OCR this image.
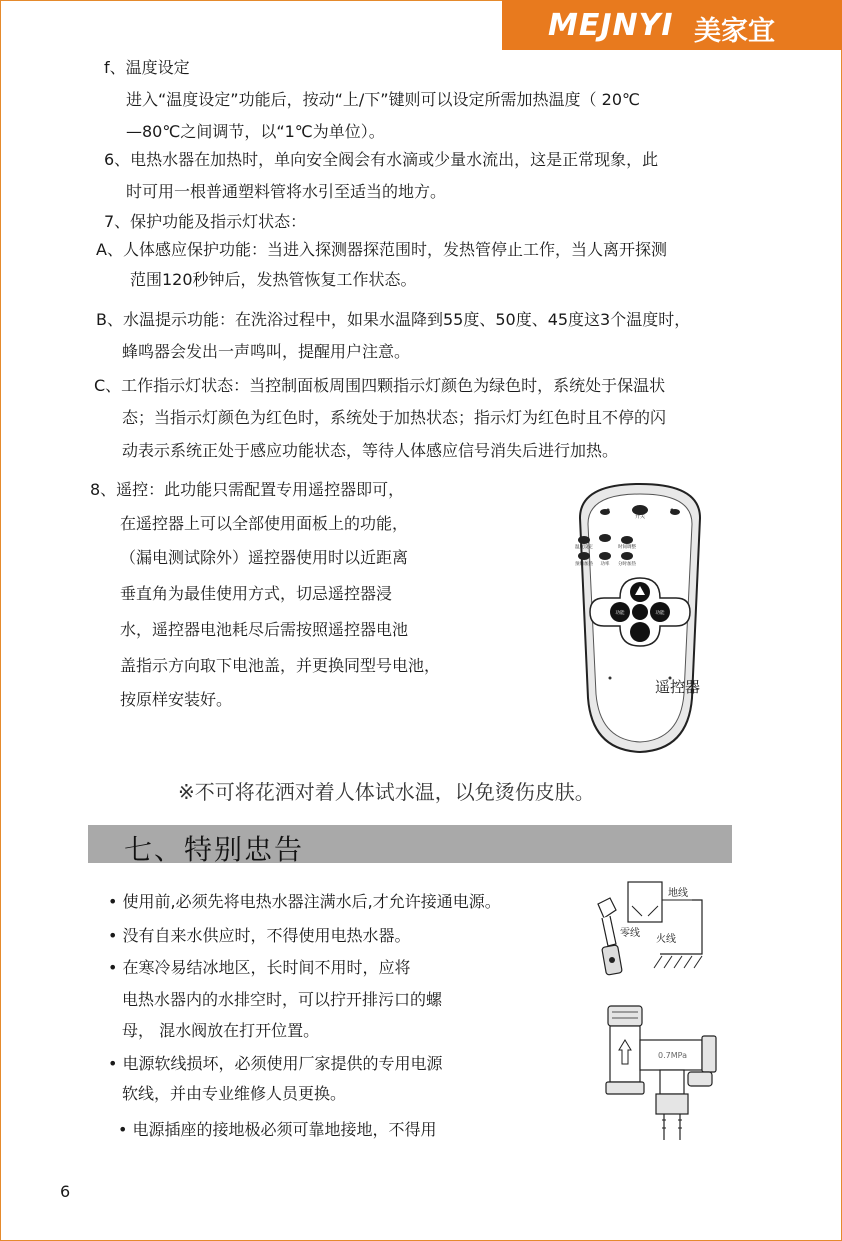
MEJNYI 美家宜
f、温度设定
进入“温度设定”功能后，按动“上/下”键则可以设定所需加热温度（ 20℃
—80℃之间调节，以“1℃为单位）。
6、电热水器在加热时，单向安全阀会有水滴或少量水流出，这是正常现象，此
时可用一根普通塑料管将水引至适当的地方。
7、保护功能及指示灯状态：
A、人体感应保护功能：当进入探测器探范围时，发热管停止工作，当人离开探测
范围120秒钟后，发热管恢复工作状态。
B、水温提示功能：在洗浴过程中，如果水温降到55度、50度、45度这3个温度时，
蜂鸣器会发出一声鸣叫，提醒用户注意。
C、工作指示灯状态：当控制面板周围四颗指示灯颜色为绿色时，系统处于保温状
态；当指示灯颜色为红色时，系统处于加热状态；指示灯为红色时且不停的闪
动表示系统正处于感应功能状态，等待人体感应信号消失后进行加热。
8、遥控：此功能只需配置专用遥控器即可，
在遥控器上可以全部使用面板上的功能，
（漏电测试除外）遥控器使用时以近距离
垂直角为最佳使用方式，切忌遥控器浸
水，遥控器电池耗尽后需按照遥控器电池
盖指示方向取下电池盖，并更换同型号电池，
按原样安装好。
开关
温度设定	时间调整
预约加热 功率 分时加热
功能	功能
遥控器
※不可将花洒对着人体试水温，以免烫伤皮肤。
七、特别忠告
• 使用前,必须先将电热水器注满水后,才允许接通电源。
• 没有自来水供应时，不得使用电热水器。
• 在寒冷易结冰地区，长时间不用时，应将
电热水器内的水排空时，可以拧开排污口的螺
母， 混水阀放在打开位置。
• 电源软线损坏，必须使用厂家提供的专用电源
软线，并由专业维修人员更换。
• 电源插座的接地极必须可靠地接地，不得用
地线
零线
火线
0.7MPa
6
